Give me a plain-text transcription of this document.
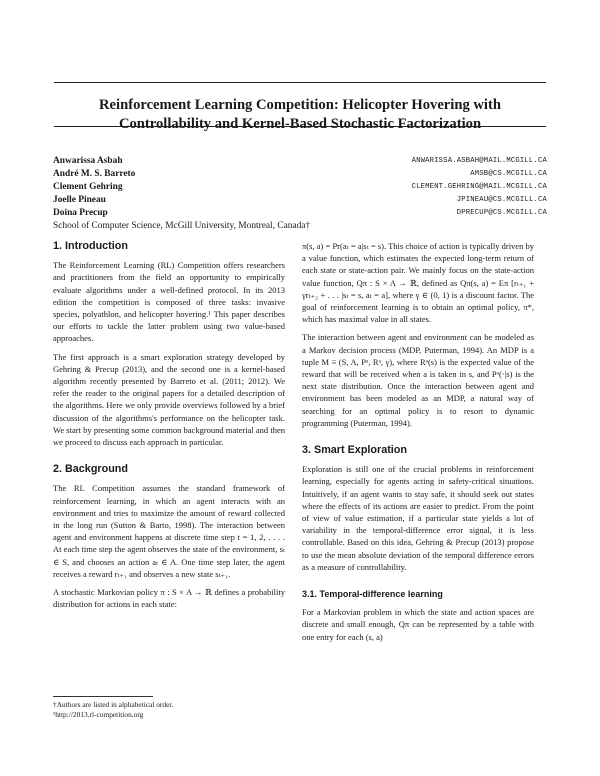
Reinforcement Learning Competition: Helicopter Hovering with
Controllability and Kernel-Based Stochastic Factorization
Anwarissa Asbah	ANWARISSA.ASBAH@MAIL.MCGILL.CA
André M. S. Barreto	AMSB@CS.MCGILL.CA
Clement Gehring	CLEMENT.GEHRING@MAIL.MCGILL.CA
Joelle Pineau	JPINEAU@CS.MCGILL.CA
Doina Precup	DPRECUP@CS.MCGILL.CA
School of Computer Science, McGill University, Montreal, Canada†
1. Introduction

The Reinforcement Learning (RL) Competition offers researchers and practitioners from the field an opportunity to empirically evaluate algorithms under a well-defined protocol. In its 2013 edition the competition is composed of three tasks: invasive species, polyathlon, and helicopter hovering.¹ This paper describes our efforts to tackle the latter problem using two value-based approaches.

The first approach is a smart exploration strategy developed by Gehring & Precup (2013), and the second one is a kernel-based algorithm recently presented by Barreto et al. (2011; 2012). We refer the reader to the original papers for a detailed description of the algorithms. Here we only provide overviews followed by a brief discussion of the algorithms's performance on the helicopter task. We start by presenting some common background material and then we proceed to discuss each approach in particular.

2. Background

The RL Competition assumes the standard framework of reinforcement learning, in which an agent interacts with an environment and tries to maximize the amount of reward collected in the long run (Sutton & Barto, 1998). The interaction between agent and environment happens at discrete time step t = 1, 2, . . . . At each time step the agent observes the state of the environment, sₜ ∈ S, and chooses an action aₜ ∈ A. One time step later, the agent receives a reward rₜ₊₁ and observes a new state sₜ₊₁.

A stochastic Markovian policy π : S × A → ℝ defines a probability distribution for actions in each state:

π(s, a) = Pr(aₜ = a|sₜ = s). This choice of action is typically driven by a value function, which estimates the expected long-term return of each state or state-action pair. We mainly focus on the state-action value function, Qπ : S × A → ℝ, defined as Qπ(s, a) = Eπ [rₜ₊₁ + γrₜ₊₂ + . . . |sₜ = s, aₜ = a], where γ ∈ (0, 1) is a discount factor. The goal of reinforcement learning is to obtain an optimal policy, π*, which has maximal value in all states.

The interaction between agent and environment can be modeled as a Markov decision process (MDP, Puterman, 1994). An MDP is a tuple M ≡ (S, A, Pᵃ, Rᵃ, γ), where Rᵃ(s) is the expected value of the reward that will be received when a is taken in s, and Pᵃ(·|s) is the next state distribution. Once the interaction between agent and environment has been modeled as an MDP, a natural way of searching for an optimal policy is to resort to dynamic programming (Puterman, 1994).

3. Smart Exploration

Exploration is still one of the crucial problems in reinforcement learning, especially for agents acting in safety-critical situations. Intuitively, if an agent wants to stay safe, it should seek out states where the effects of its actions are easier to predict. From the point of view of value estimation, if a particular state yields a lot of variability in the temporal-difference error signal, it is less controllable. Based on this idea, Gehring & Precup (2013) propose to use the mean absolute deviation of the temporal difference errors as a measure of controllability.

3.1. Temporal-difference learning

For a Markovian problem in which the state and action spaces are discrete and small enough, Qπ can be represented by a table with one entry for each (s, a)

†Authors are listed in alphabetical order.
¹http://2013.rl-competition.org
